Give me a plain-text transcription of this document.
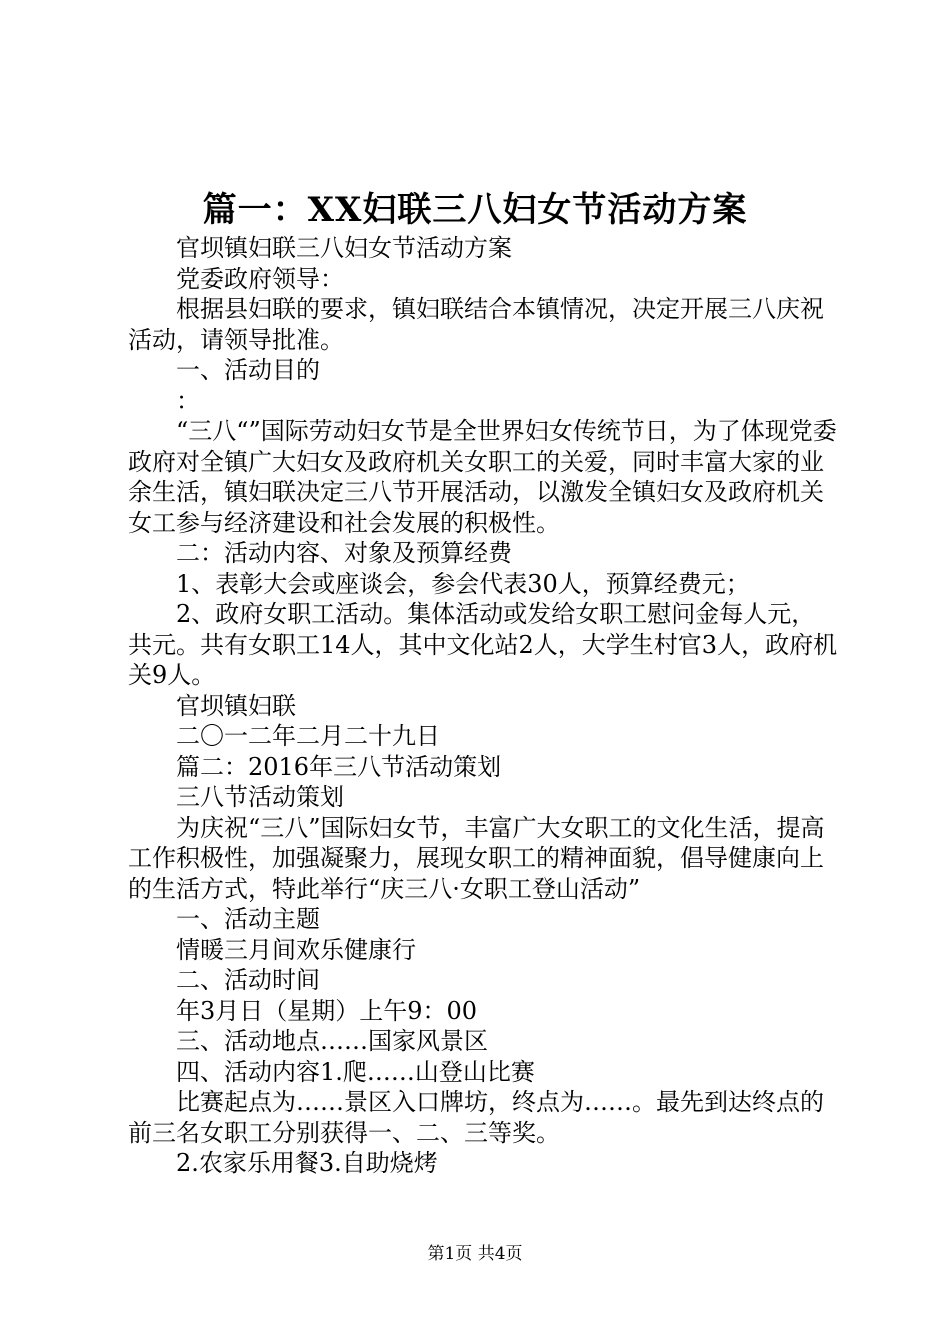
篇一：XX妇联三八妇女节活动方案

官坝镇妇联三八妇女节活动方案

党委政府领导：

根据县妇联的要求，镇妇联结合本镇情况，决定开展三八庆祝活动，请领导批准。

一、活动目的

：

“三八“”国际劳动妇女节是全世界妇女传统节日，为了体现党委政府对全镇广大妇女及政府机关女职工的关爱，同时丰富大家的业余生活，镇妇联决定三八节开展活动，以激发全镇妇女及政府机关女工参与经济建设和社会发展的积极性。

二：活动内容、对象及预算经费

1、表彰大会或座谈会，参会代表30人，预算经费元；

2、政府女职工活动。集体活动或发给女职工慰问金每人元，共元。共有女职工14人，其中文化站2人，大学生村官3人，政府机关9人。

官坝镇妇联

二〇一二年二月二十九日

篇二：2016年三八节活动策划

三八节活动策划

为庆祝“三八”国际妇女节，丰富广大女职工的文化生活，提高工作积极性，加强凝聚力，展现女职工的精神面貌，倡导健康向上的生活方式，特此举行“庆三八·女职工登山活动”

一、活动主题

情暖三月间欢乐健康行

二、活动时间

年3月日（星期）上午9：00

三、活动地点……国家风景区

四、活动内容1.爬……山登山比赛

比赛起点为……景区入口牌坊，终点为……。最先到达终点的前三名女职工分别获得一、二、三等奖。

2.农家乐用餐3.自助烧烤

第1页 共4页
